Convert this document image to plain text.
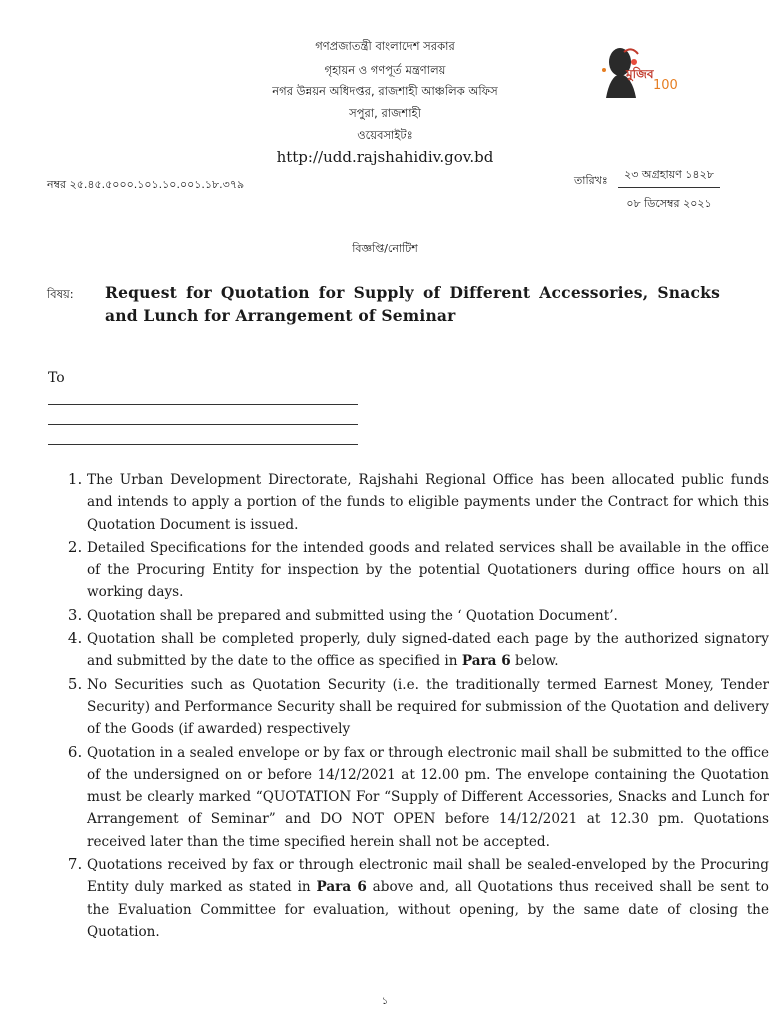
গণপ্রজাতন্ত্রী বাংলাদেশ সরকার
গৃহায়ন ও গণপূর্ত মন্ত্রণালয়
নগর উন্নয়ন অধিদপ্তর, রাজশাহী আঞ্চলিক অফিস
সপুরা, রাজশাহী
ওয়েবসাইটঃ
http://udd.rajshahidiv.gov.bd
মুজিব
100
নম্বর ২৫.৪৫.৫০০০.১০১.১০.০০১.১৮.৩৭৯	তারিখঃ	২৩ অগ্রহায়ণ ১৪২৮
০৮ ডিসেম্বর ২০২১
বিজ্ঞপ্তি/নোটিশ
বিষয়: Request for Quotation for Supply of Different Accessories, Snacks and Lunch for Arrangement of Seminar
To
1. The Urban Development Directorate, Rajshahi Regional Office has been allocated public funds and intends to apply a portion of the funds to eligible payments under the Contract for which this Quotation Document is issued.
2. Detailed Specifications for the intended goods and related services shall be available in the office of the Procuring Entity for inspection by the potential Quotationers during office hours on all working days.
3. Quotation shall be prepared and submitted using the ‘ Quotation Document’.
4. Quotation shall be completed properly, duly signed-dated each page by the authorized signatory and submitted by the date to the office as specified in Para 6 below.
5. No Securities such as Quotation Security (i.e. the traditionally termed Earnest Money, Tender Security) and Performance Security shall be required for submission of the Quotation and delivery of the Goods (if awarded) respectively
6. Quotation in a sealed envelope or by fax or through electronic mail shall be submitted to the office of the undersigned on or before 14/12/2021 at 12.00 pm. The envelope containing the Quotation must be clearly marked “QUOTATION For “Supply of Different Accessories, Snacks and Lunch for Arrangement of Seminar” and DO NOT OPEN before 14/12/2021 at 12.30 pm. Quotations received later than the time specified herein shall not be accepted.
7. Quotations received by fax or through electronic mail shall be sealed-enveloped by the Procuring Entity duly marked as stated in Para 6 above and, all Quotations thus received shall be sent to the Evaluation Committee for evaluation, without opening, by the same date of closing the Quotation.
১
